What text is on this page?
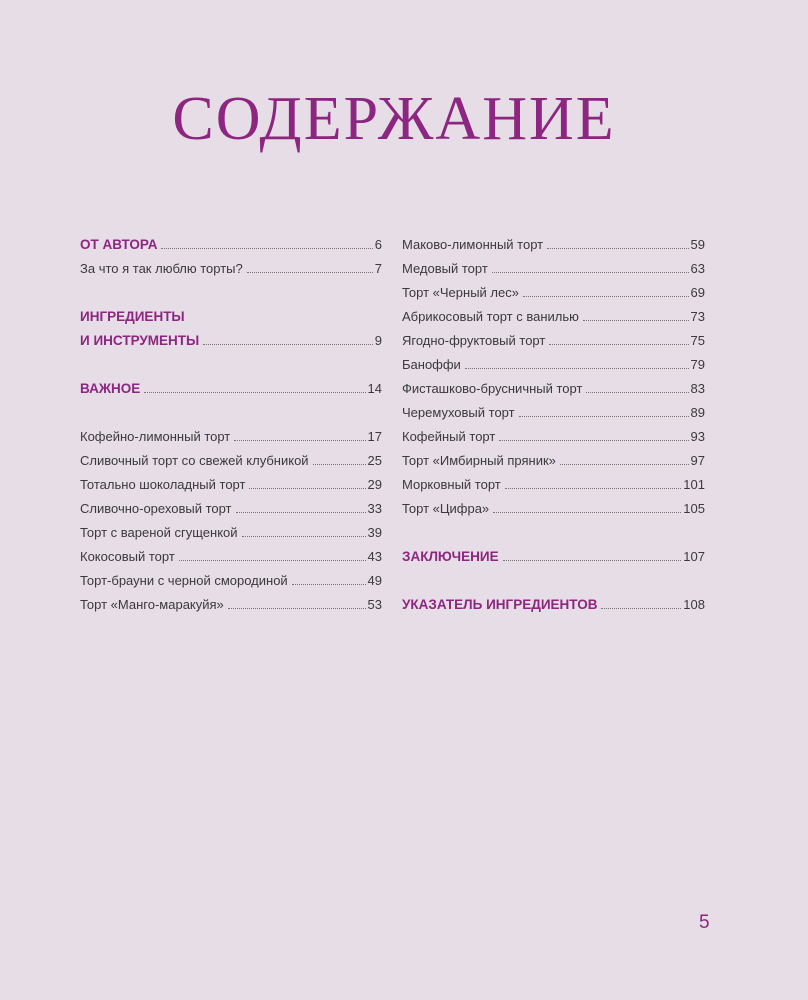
СОДЕРЖАНИЕ
ОТ АВТОРА	6
За что я так люблю торты?	7
ИНГРЕДИЕНТЫ
И ИНСТРУМЕНТЫ	9
ВАЖНОЕ	14
Кофейно-лимонный торт	17
Сливочный торт со свежей клубникой	25
Тотально шоколадный торт	29
Сливочно-ореховый торт	33
Торт с вареной сгущенкой	39
Кокосовый торт	43
Торт-брауни с черной смородиной	49
Торт «Манго-маракуйя»	53
Маково-лимонный торт	59
Медовый торт	63
Торт «Черный лес»	69
Абрикосовый торт с ванилью	73
Ягодно-фруктовый торт	75
Баноффи	79
Фисташково-брусничный торт	83
Черемуховый торт	89
Кофейный торт	93
Торт «Имбирный пряник»	97
Морковный торт	101
Торт «Цифра»	105
ЗАКЛЮЧЕНИЕ	107
УКАЗАТЕЛЬ ИНГРЕДИЕНТОВ	108
5
